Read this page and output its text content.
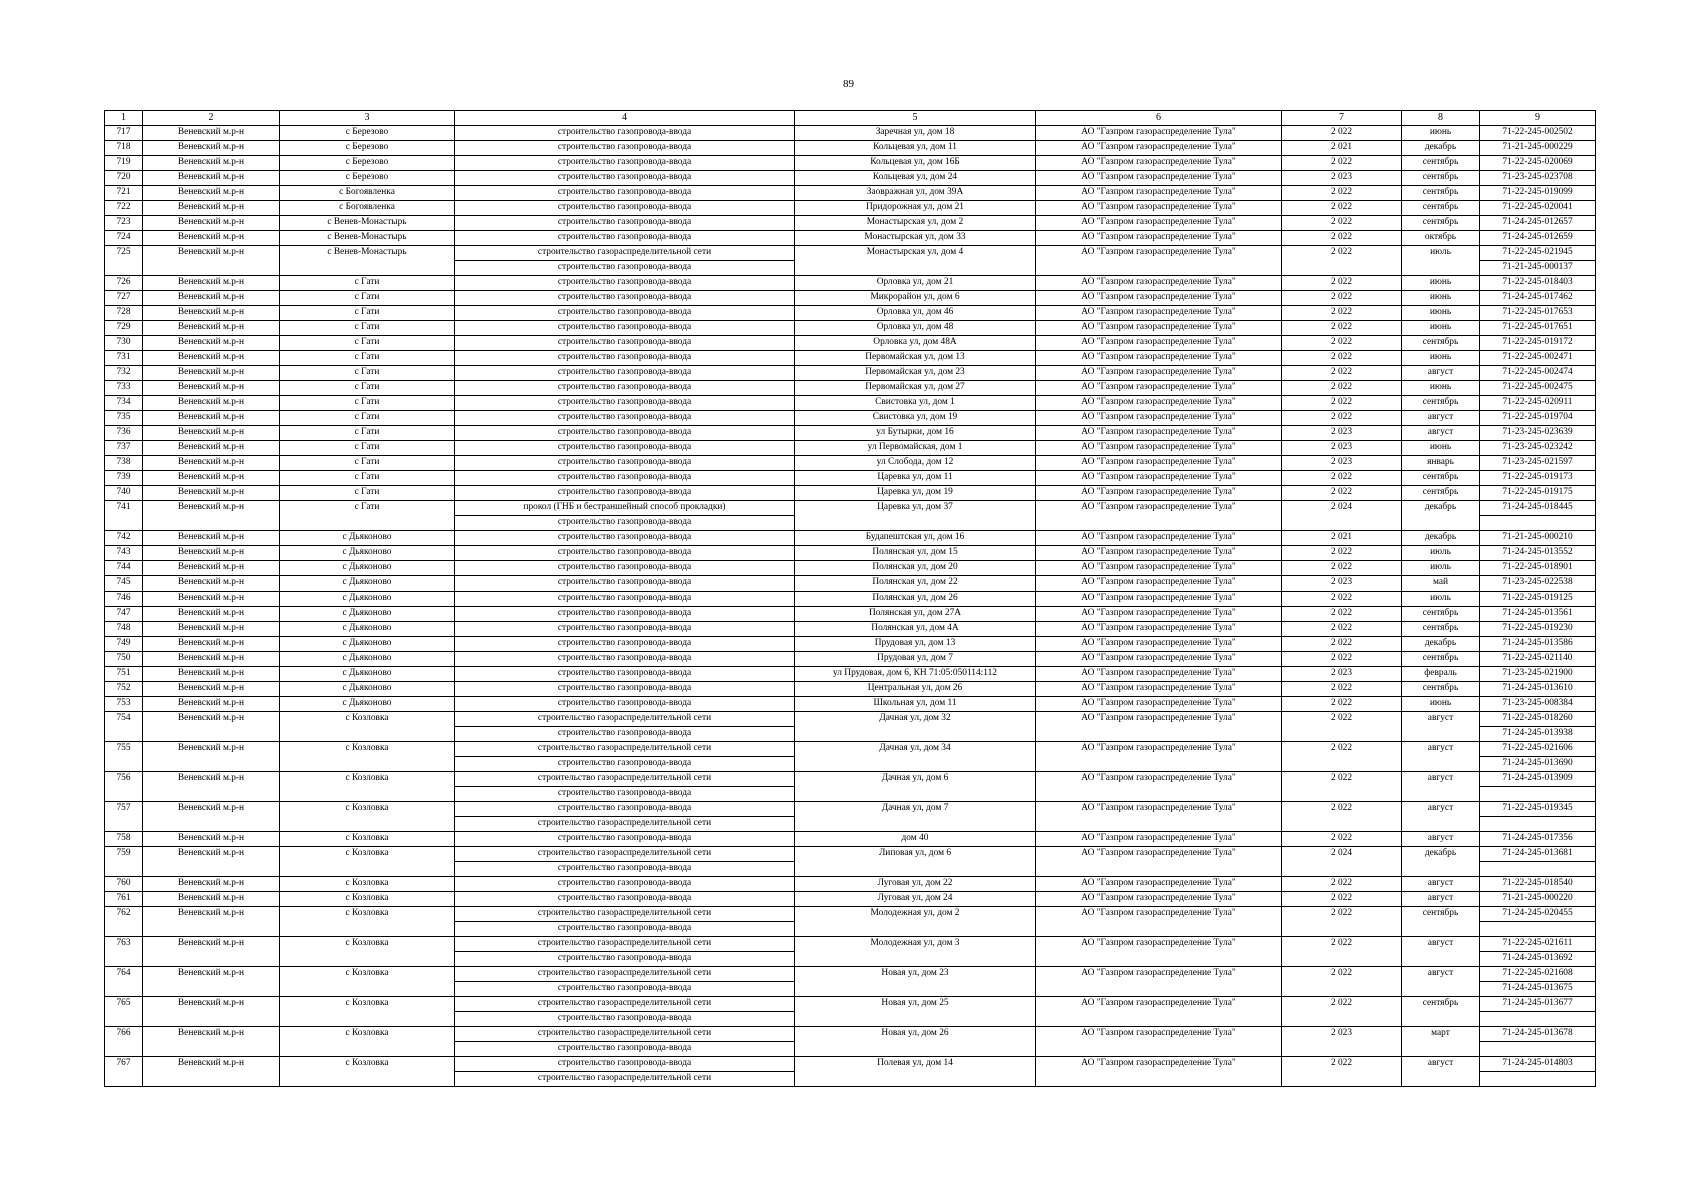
89
1	2	3	4	5	6	7	8	9
717	Веневский м.р-н	с Березово	строительство газопровода-ввода	Заречная ул, дом 18	АО "Газпром газораспределение Тула"	2 022	июнь	71-22-245-002502
718	Веневский м.р-н	с Березово	строительство газопровода-ввода	Кольцевая ул, дом 11	АО "Газпром газораспределение Тула"	2 021	декабрь	71-21-245-000229
719	Веневский м.р-н	с Березово	строительство газопровода-ввода	Кольцевая ул, дом 16Б	АО "Газпром газораспределение Тула"	2 022	сентябрь	71-22-245-020069
720	Веневский м.р-н	с Березово	строительство газопровода-ввода	Кольцевая ул, дом 24	АО "Газпром газораспределение Тула"	2 023	сентябрь	71-23-245-023708
721	Веневский м.р-н	с Богоявленка	строительство газопровода-ввода	Заовражная ул, дом 39А	АО "Газпром газораспределение Тула"	2 022	сентябрь	71-22-245-019099
722	Веневский м.р-н	с Богоявленка	строительство газопровода-ввода	Придорожная ул, дом 21	АО "Газпром газораспределение Тула"	2 022	сентябрь	71-22-245-020041
723	Веневский м.р-н	с Венев-Монастырь	строительство газопровода-ввода	Монастырская ул, дом 2	АО "Газпром газораспределение Тула"	2 022	сентябрь	71-24-245-012657
724	Веневский м.р-н	с Венев-Монастырь	строительство газопровода-ввода	Монастырская ул, дом 33	АО "Газпром газораспределение Тула"	2 022	октябрь	71-24-245-012659
725	Веневский м.р-н	с Венев-Монастырь	строительство газораспределительной сети	Монастырская ул, дом 4	АО "Газпром газораспределение Тула"	2 022	июль	71-22-245-021945
			строительство газопровода-ввода					71-21-245-000137
726	Веневский м.р-н	с Гати	строительство газопровода-ввода	Орловка ул, дом 21	АО "Газпром газораспределение Тула"	2 022	июнь	71-22-245-018403
727	Веневский м.р-н	с Гати	строительство газопровода-ввода	Микрорайон ул, дом 6	АО "Газпром газораспределение Тула"	2 022	июнь	71-24-245-017462
728	Веневский м.р-н	с Гати	строительство газопровода-ввода	Орловка ул, дом 46	АО "Газпром газораспределение Тула"	2 022	июнь	71-22-245-017653
729	Веневский м.р-н	с Гати	строительство газопровода-ввода	Орловка ул, дом 48	АО "Газпром газораспределение Тула"	2 022	июнь	71-22-245-017651
730	Веневский м.р-н	с Гати	строительство газопровода-ввода	Орловка ул, дом 48А	АО "Газпром газораспределение Тула"	2 022	сентябрь	71-22-245-019172
731	Веневский м.р-н	с Гати	строительство газопровода-ввода	Первомайская ул, дом 13	АО "Газпром газораспределение Тула"	2 022	июнь	71-22-245-002471
732	Веневский м.р-н	с Гати	строительство газопровода-ввода	Первомайская ул, дом 23	АО "Газпром газораспределение Тула"	2 022	август	71-22-245-002474
733	Веневский м.р-н	с Гати	строительство газопровода-ввода	Первомайская ул, дом 27	АО "Газпром газораспределение Тула"	2 022	июнь	71-22-245-002475
734	Веневский м.р-н	с Гати	строительство газопровода-ввода	Свистовка ул, дом 1	АО "Газпром газораспределение Тула"	2 022	сентябрь	71-22-245-020911
735	Веневский м.р-н	с Гати	строительство газопровода-ввода	Свистовка ул, дом 19	АО "Газпром газораспределение Тула"	2 022	август	71-22-245-019704
736	Веневский м.р-н	с Гати	строительство газопровода-ввода	ул Бутырки, дом 16	АО "Газпром газораспределение Тула"	2 023	август	71-23-245-023639
737	Веневский м.р-н	с Гати	строительство газопровода-ввода	ул Первомайская, дом 1	АО "Газпром газораспределение Тула"	2 023	июнь	71-23-245-023242
738	Веневский м.р-н	с Гати	строительство газопровода-ввода	ул Слобода, дом 12	АО "Газпром газораспределение Тула"	2 023	январь	71-23-245-021597
739	Веневский м.р-н	с Гати	строительство газопровода-ввода	Царевка ул, дом 11	АО "Газпром газораспределение Тула"	2 022	сентябрь	71-22-245-019173
740	Веневский м.р-н	с Гати	строительство газопровода-ввода	Царевка ул, дом 19	АО "Газпром газораспределение Тула"	2 022	сентябрь	71-22-245-019175
741	Веневский м.р-н	с Гати	прокол (ГНБ и бестраншейный способ прокладки)	Царевка ул, дом 37	АО "Газпром газораспределение Тула"	2 024	декабрь	71-24-245-018445
			строительство газопровода-ввода					
742	Веневский м.р-н	с Дьяконово	строительство газопровода-ввода	Будапештская ул, дом 16	АО "Газпром газораспределение Тула"	2 021	декабрь	71-21-245-000210
743	Веневский м.р-н	с Дьяконово	строительство газопровода-ввода	Полянская ул, дом 15	АО "Газпром газораспределение Тула"	2 022	июль	71-24-245-013552
744	Веневский м.р-н	с Дьяконово	строительство газопровода-ввода	Полянская ул, дом 20	АО "Газпром газораспределение Тула"	2 022	июль	71-22-245-018901
745	Веневский м.р-н	с Дьяконово	строительство газопровода-ввода	Полянская ул, дом 22	АО "Газпром газораспределение Тула"	2 023	май	71-23-245-022538
746	Веневский м.р-н	с Дьяконово	строительство газопровода-ввода	Полянская ул, дом 26	АО "Газпром газораспределение Тула"	2 022	июль	71-22-245-019125
747	Веневский м.р-н	с Дьяконово	строительство газопровода-ввода	Полянская ул, дом 27А	АО "Газпром газораспределение Тула"	2 022	сентябрь	71-24-245-013561
748	Веневский м.р-н	с Дьяконово	строительство газопровода-ввода	Полянская ул, дом 4А	АО "Газпром газораспределение Тула"	2 022	сентябрь	71-22-245-019230
749	Веневский м.р-н	с Дьяконово	строительство газопровода-ввода	Прудовая ул, дом 13	АО "Газпром газораспределение Тула"	2 022	декабрь	71-24-245-013586
750	Веневский м.р-н	с Дьяконово	строительство газопровода-ввода	Прудовая ул, дом 7	АО "Газпром газораспределение Тула"	2 022	сентябрь	71-22-245-021140
751	Веневский м.р-н	с Дьяконово	строительство газопровода-ввода	ул Прудовая, дом 6, КН 71:05:050114:112	АО "Газпром газораспределение Тула"	2 023	февраль	71-23-245-021900
752	Веневский м.р-н	с Дьяконово	строительство газопровода-ввода	Центральная ул, дом 26	АО "Газпром газораспределение Тула"	2 022	сентябрь	71-24-245-013610
753	Веневский м.р-н	с Дьяконово	строительство газопровода-ввода	Школьная ул, дом 11	АО "Газпром газораспределение Тула"	2 022	июнь	71-23-245-008384
754	Веневский м.р-н	с Козловка	строительство газораспределительной сети	Дачная ул, дом 32	АО "Газпром газораспределение Тула"	2 022	август	71-22-245-018260
			строительство газопровода-ввода					71-24-245-013938
755	Веневский м.р-н	с Козловка	строительство газораспределительной сети	Дачная ул, дом 34	АО "Газпром газораспределение Тула"	2 022	август	71-22-245-021606
			строительство газопровода-ввода					71-24-245-013690
756	Веневский м.р-н	с Козловка	строительство газораспределительной сети	Дачная ул, дом 6	АО "Газпром газораспределение Тула"	2 022	август	71-24-245-013909
			строительство газопровода-ввода					
757	Веневский м.р-н	с Козловка	строительство газопровода-ввода	Дачная ул, дом 7	АО "Газпром газораспределение Тула"	2 022	август	71-22-245-019345
			строительство газораспределительной сети					
758	Веневский м.р-н	с Козловка	строительство газопровода-ввода	дом 40	АО "Газпром газораспределение Тула"	2 022	август	71-24-245-017356
759	Веневский м.р-н	с Козловка	строительство газораспределительной сети	Липовая ул, дом 6	АО "Газпром газораспределение Тула"	2 024	декабрь	71-24-245-013681
			строительство газопровода-ввода					
760	Веневский м.р-н	с Козловка	строительство газопровода-ввода	Луговая ул, дом 22	АО "Газпром газораспределение Тула"	2 022	август	71-22-245-018540
761	Веневский м.р-н	с Козловка	строительство газопровода-ввода	Луговая ул, дом 24	АО "Газпром газораспределение Тула"	2 022	август	71-21-245-000220
762	Веневский м.р-н	с Козловка	строительство газораспределительной сети	Молодежная ул, дом 2	АО "Газпром газораспределение Тула"	2 022	сентябрь	71-24-245-020455
			строительство газопровода-ввода					
763	Веневский м.р-н	с Козловка	строительство газораспределительной сети	Молодежная ул, дом 3	АО "Газпром газораспределение Тула"	2 022	август	71-22-245-021611
			строительство газопровода-ввода					71-24-245-013692
764	Веневский м.р-н	с Козловка	строительство газораспределительной сети	Новая ул, дом 23	АО "Газпром газораспределение Тула"	2 022	август	71-22-245-021608
			строительство газопровода-ввода					71-24-245-013675
765	Веневский м.р-н	с Козловка	строительство газораспределительной сети	Новая ул, дом 25	АО "Газпром газораспределение Тула"	2 022	сентябрь	71-24-245-013677
			строительство газопровода-ввода					
766	Веневский м.р-н	с Козловка	строительство газораспределительной сети	Новая ул, дом 26	АО "Газпром газораспределение Тула"	2 023	март	71-24-245-013678
			строительство газопровода-ввода					
767	Веневский м.р-н	с Козловка	строительство газопровода-ввода	Полевая ул, дом 14	АО "Газпром газораспределение Тула"	2 022	август	71-24-245-014803
			строительство газораспределительной сети					
